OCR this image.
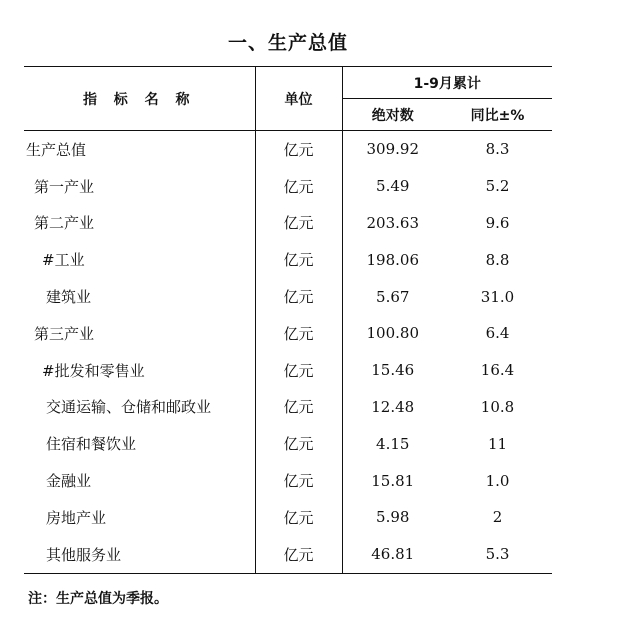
一、生产总值
指 标 名 称	单位	1-9月累计	
		绝对数	同比±%
生产总值	亿元	309.92	8.3
第一产业	亿元	5.49	5.2
第二产业	亿元	203.63	9.6
#工业	亿元	198.06	8.8
建筑业	亿元	5.67	31.0
第三产业	亿元	100.80	6.4
#批发和零售业	亿元	15.46	16.4
交通运输、仓储和邮政业	亿元	12.48	10.8
住宿和餐饮业	亿元	4.15	11
金融业	亿元	15.81	1.0
房地产业	亿元	5.98	2
其他服务业	亿元	46.81	5.3
注：生产总值为季报。
